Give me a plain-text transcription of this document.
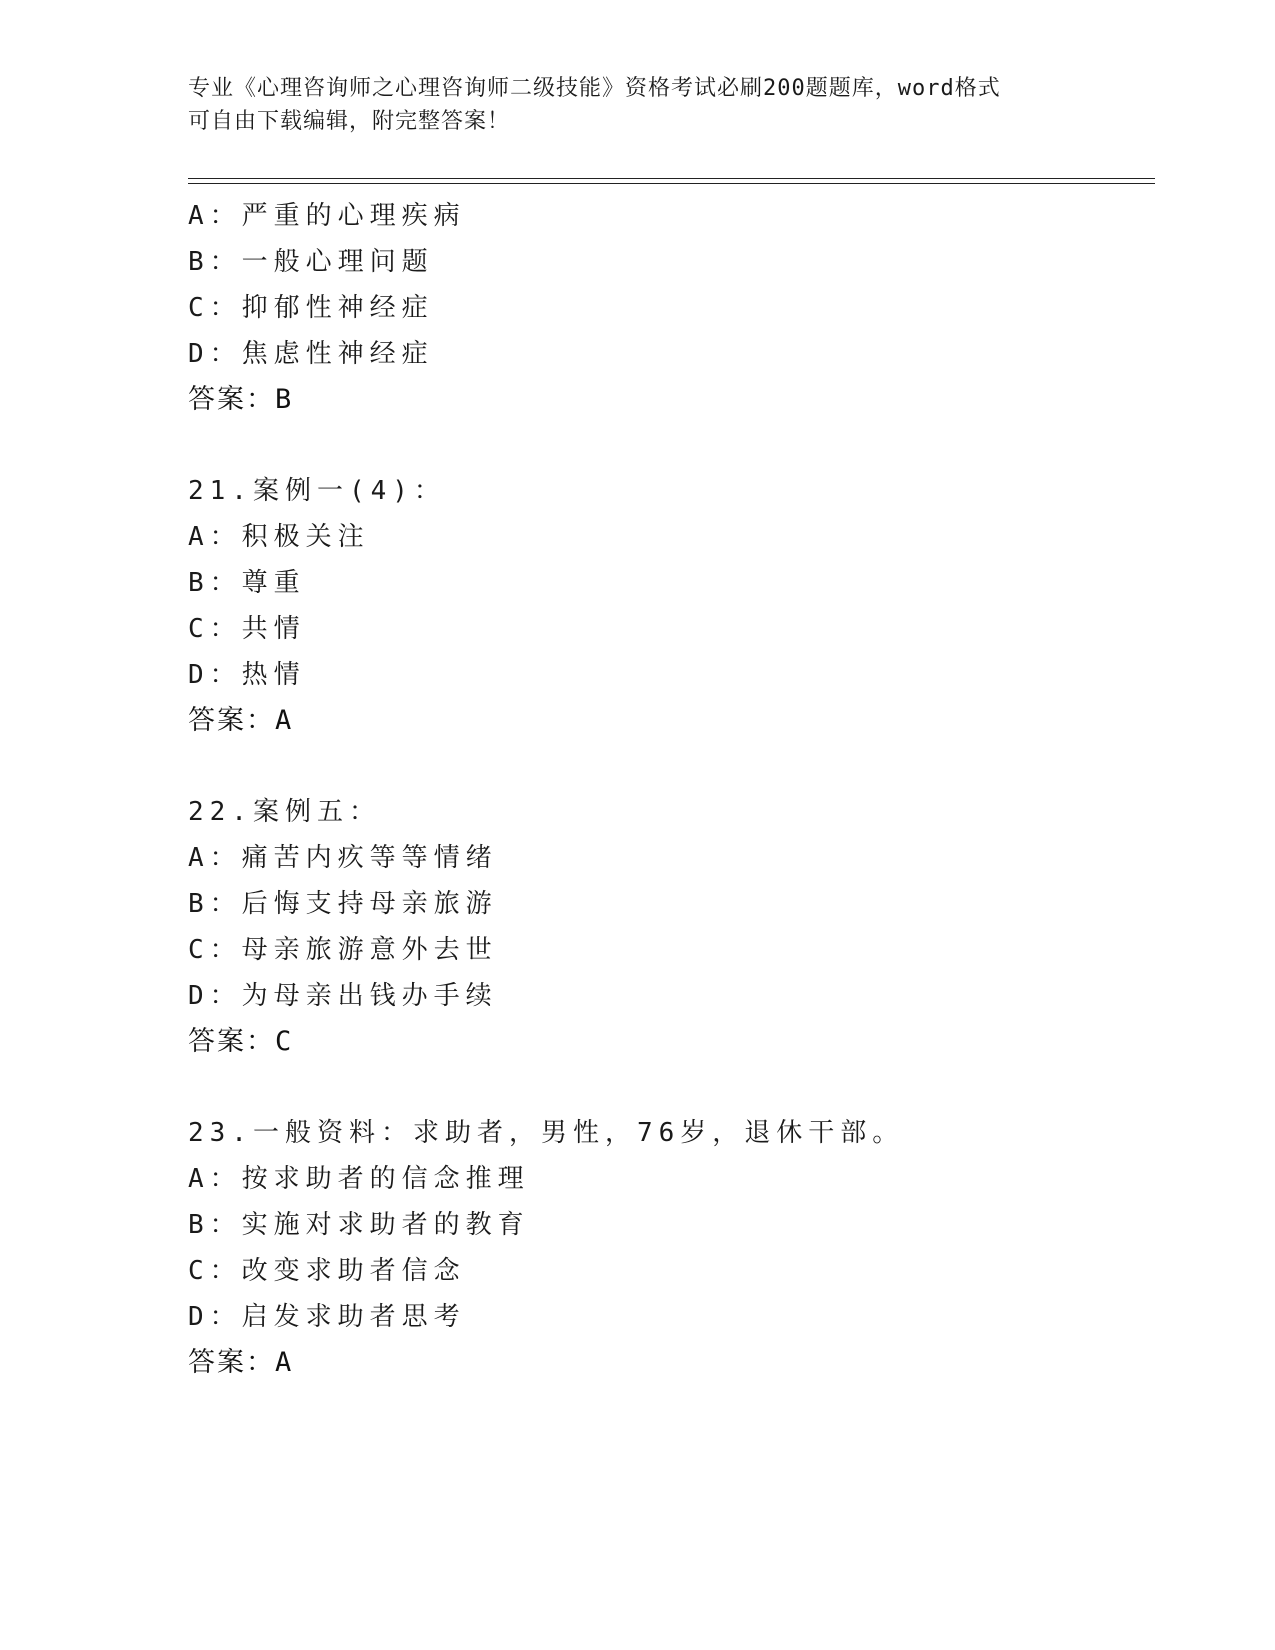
专业《心理咨询师之心理咨询师二级技能》资格考试必刷200题题库，word格式
可自由下载编辑，附完整答案！
A：严重的心理疾病
B：一般心理问题
C：抑郁性神经症
D：焦虑性神经症
答案：B
21.案例一(4)：
A：积极关注
B：尊重
C：共情
D：热情
答案：A
22.案例五：
A：痛苦内疚等等情绪
B：后悔支持母亲旅游
C：母亲旅游意外去世
D：为母亲出钱办手续
答案：C
23.一般资料：求助者，男性，76岁，退休干部。
A：按求助者的信念推理
B：实施对求助者的教育
C：改变求助者信念
D：启发求助者思考
答案：A
